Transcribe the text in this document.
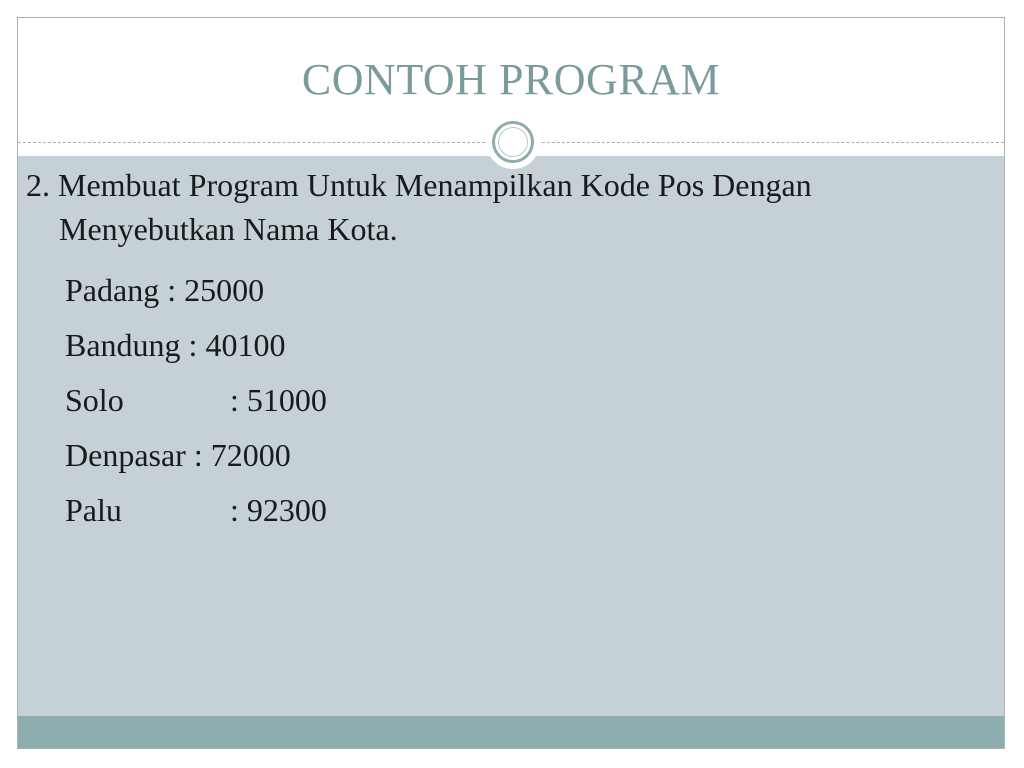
CONTOH PROGRAM
2. Membuat Program Untuk Menampilkan Kode Pos Dengan Menyebutkan Nama Kota.
Padang : 25000
Bandung : 40100
Solo	: 51000
Denpasar : 72000
Palu	: 92300
